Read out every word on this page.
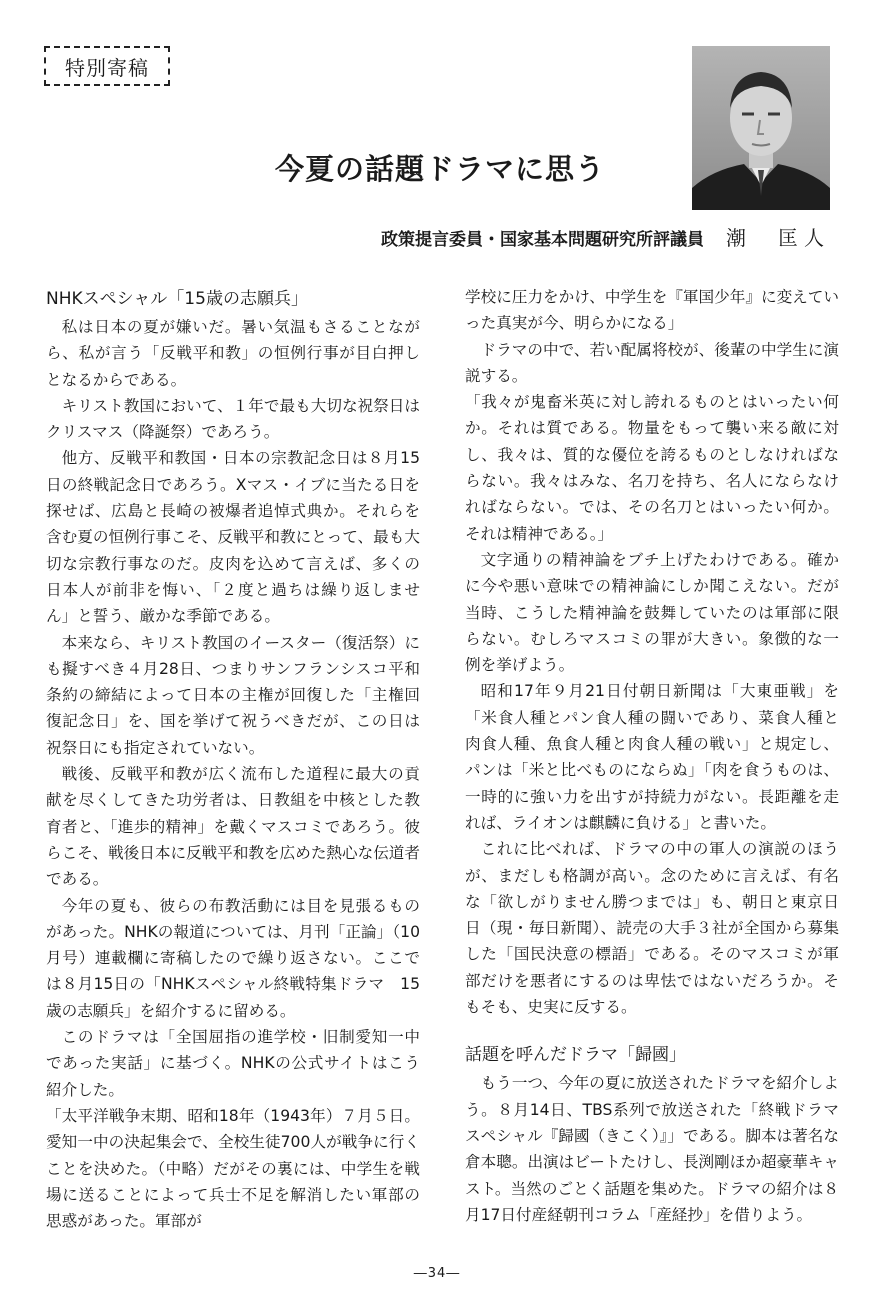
特別寄稿
今夏の話題ドラマに思う
政策提言委員・国家基本問題研究所評議員 潮　匡人
NHKスペシャル「15歳の志願兵」

私は日本の夏が嫌いだ。暑い気温もさることながら、私が言う「反戦平和教」の恒例行事が目白押しとなるからである。

キリスト教国において、１年で最も大切な祝祭日はクリスマス（降誕祭）であろう。

他方、反戦平和教国・日本の宗教記念日は８月15日の終戦記念日であろう。Xマス・イブに当たる日を探せば、広島と長崎の被爆者追悼式典か。それらを含む夏の恒例行事こそ、反戦平和教にとって、最も大切な宗教行事なのだ。皮肉を込めて言えば、多くの日本人が前非を悔い、「２度と過ちは繰り返しません」と誓う、厳かな季節である。

本来なら、キリスト教国のイースター（復活祭）にも擬すべき４月28日、つまりサンフランシスコ平和条約の締結によって日本の主権が回復した「主権回復記念日」を、国を挙げて祝うべきだが、この日は祝祭日にも指定されていない。

戦後、反戦平和教が広く流布した道程に最大の貢献を尽くしてきた功労者は、日教組を中核とした教育者と、「進歩的精神」を戴くマスコミであろう。彼らこそ、戦後日本に反戦平和教を広めた熱心な伝道者である。

今年の夏も、彼らの布教活動には目を見張るものがあった。NHKの報道については、月刊「正論」（10月号）連載欄に寄稿したので繰り返さない。ここでは８月15日の「NHKスペシャル終戦特集ドラマ　15歳の志願兵」を紹介するに留める。

このドラマは「全国屈指の進学校・旧制愛知一中であった実話」に基づく。NHKの公式サイトはこう紹介した。

「太平洋戦争末期、昭和18年（1943年）７月５日。愛知一中の決起集会で、全校生徒700人が戦争に行くことを決めた。（中略）だがその裏には、中学生を戦場に送ることによって兵士不足を解消したい軍部の思惑があった。軍部が

学校に圧力をかけ、中学生を『軍国少年』に変えていった真実が今、明らかになる」

ドラマの中で、若い配属将校が、後輩の中学生に演説する。

「我々が鬼畜米英に対し誇れるものとはいったい何か。それは質である。物量をもって襲い来る敵に対し、我々は、質的な優位を誇るものとしなければならない。我々はみな、名刀を持ち、名人にならなければならない。では、その名刀とはいったい何か。それは精神である。」

文字通りの精神論をブチ上げたわけである。確かに今や悪い意味での精神論にしか聞こえない。だが当時、こうした精神論を鼓舞していたのは軍部に限らない。むしろマスコミの罪が大きい。象徴的な一例を挙げよう。

昭和17年９月21日付朝日新聞は「大東亜戦」を「米食人種とパン食人種の闘いであり、菜食人種と肉食人種、魚食人種と肉食人種の戦い」と規定し、パンは「米と比べものにならぬ」「肉を食うものは、一時的に強い力を出すが持続力がない。長距離を走れば、ライオンは麒麟に負ける」と書いた。

これに比べれば、ドラマの中の軍人の演説のほうが、まだしも格調が高い。念のために言えば、有名な「欲しがりません勝つまでは」も、朝日と東京日日（現・毎日新聞）、読売の大手３社が全国から募集した「国民決意の標語」である。そのマスコミが軍部だけを悪者にするのは卑怯ではないだろうか。そもそも、史実に反する。

話題を呼んだドラマ「歸國」

もう一つ、今年の夏に放送されたドラマを紹介しよう。８月14日、TBS系列で放送された「終戦ドラマスペシャル『歸國（きこく）』」である。脚本は著名な倉本聰。出演はビートたけし、長渕剛ほか超豪華キャスト。当然のごとく話題を集めた。ドラマの紹介は８月17日付産経朝刊コラム「産経抄」を借りよう。

―34―
